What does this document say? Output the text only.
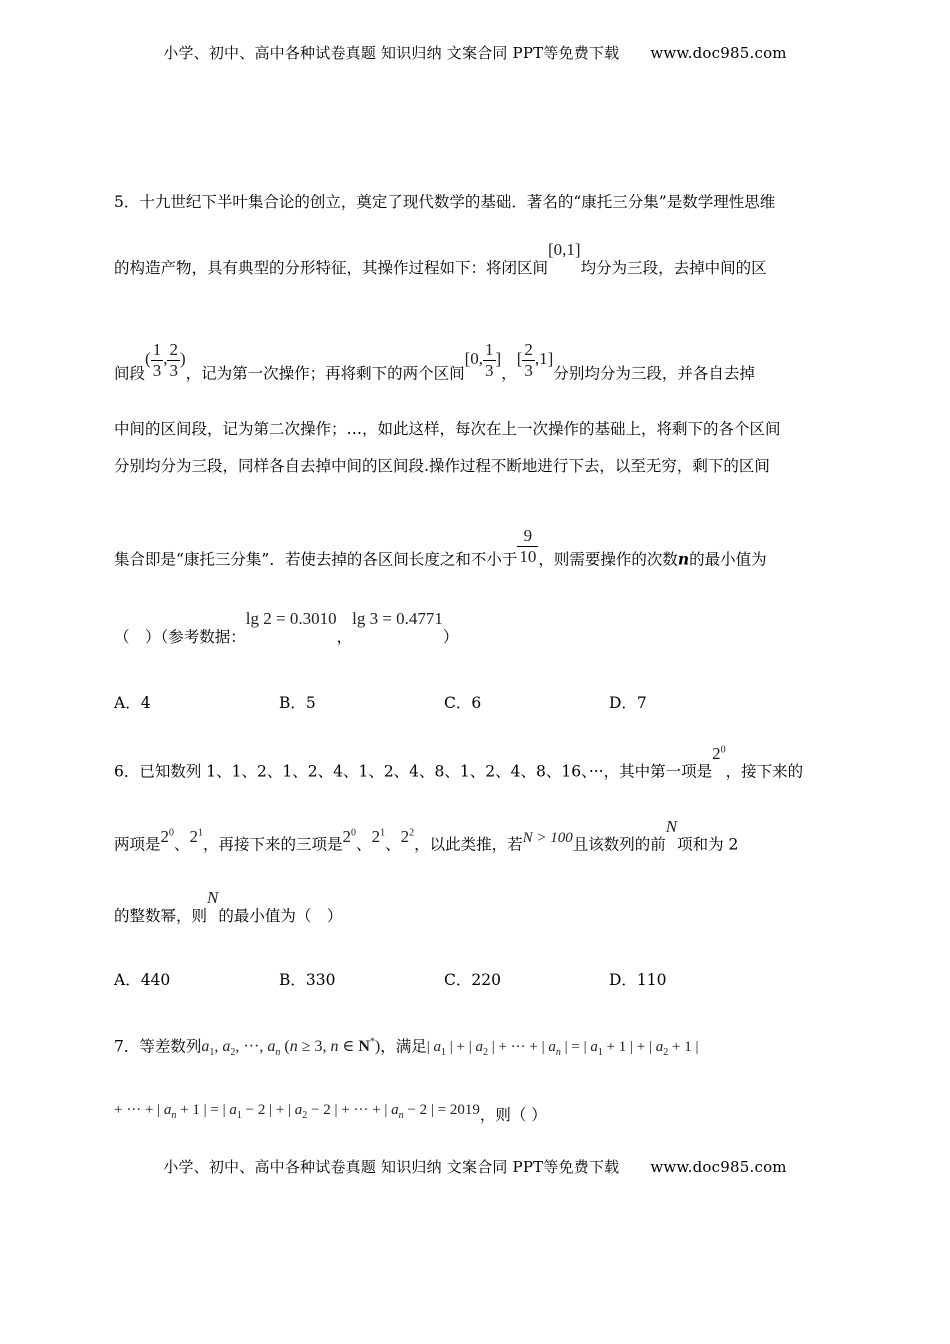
小学、初中、高中各种试卷真题 知识归纳 文案合同 PPT等免费下载 www.doc985.com
5．十九世纪下半叶集合论的创立，奠定了现代数学的基础．著名的“康托三分集”是数学理性思维
的构造产物，具有典型的分形特征，其操作过程如下：将闭区间[0,1]均分为三段，去掉中间的区
间段( $\frac{1}{3}$ , $\frac{2}{3}$ )，记为第一次操作；再将剩下的两个区间[0, $\frac{1}{3}$ ]，[ $\frac{2}{3} ,1$]分别均分为三段，并各自去掉
中间的区间段，记为第二次操作；…，如此这样，每次在上一次操作的基础上，将剩下的各个区间
分别均分为三段，同样各自去掉中间的区间段.操作过程不断地进行下去，以至无穷，剩下的区间
集合即是“康托三分集”．若使去掉的各区间长度之和不小于 $\frac{9}{10}$ ，则需要操作的次数n的最小值为
（　）（参考数据：lg 2 = 0.3010，lg 3 = 0.4771）
A．4	B．5	C．6	D．7
6．已知数列 1、1、2、1、2、4、1、2、4、8、1、2、4、8、16、···，其中第一项是$2^0$，接下来的
两项是$2^0$、$2^1$，再接下来的三项是$2^0$、$2^1$、$2^2$，以此类推，若N > 100且该数列的前N项和为 2
的整数幂，则N的最小值为（　）
A．440	B．330	C．220	D．110
7．等差数列$a_1$, $a_2$, ···, $a_n$ (n ≥ 3, n ∈ N*)，满足| $a_1$ | + | $a_2$ | + ··· + | $a_n$ | = | $a_1 + 1$ | + | $a_2 + 1$ |
+ ··· + | $a_n + 1$ | = | $a_1 - 2$ | + | $a_2 - 2$ | + ··· + | $a_n - 2$ | = 2019，则（ ）
小学、初中、高中各种试卷真题 知识归纳 文案合同 PPT等免费下载 www.doc985.com
